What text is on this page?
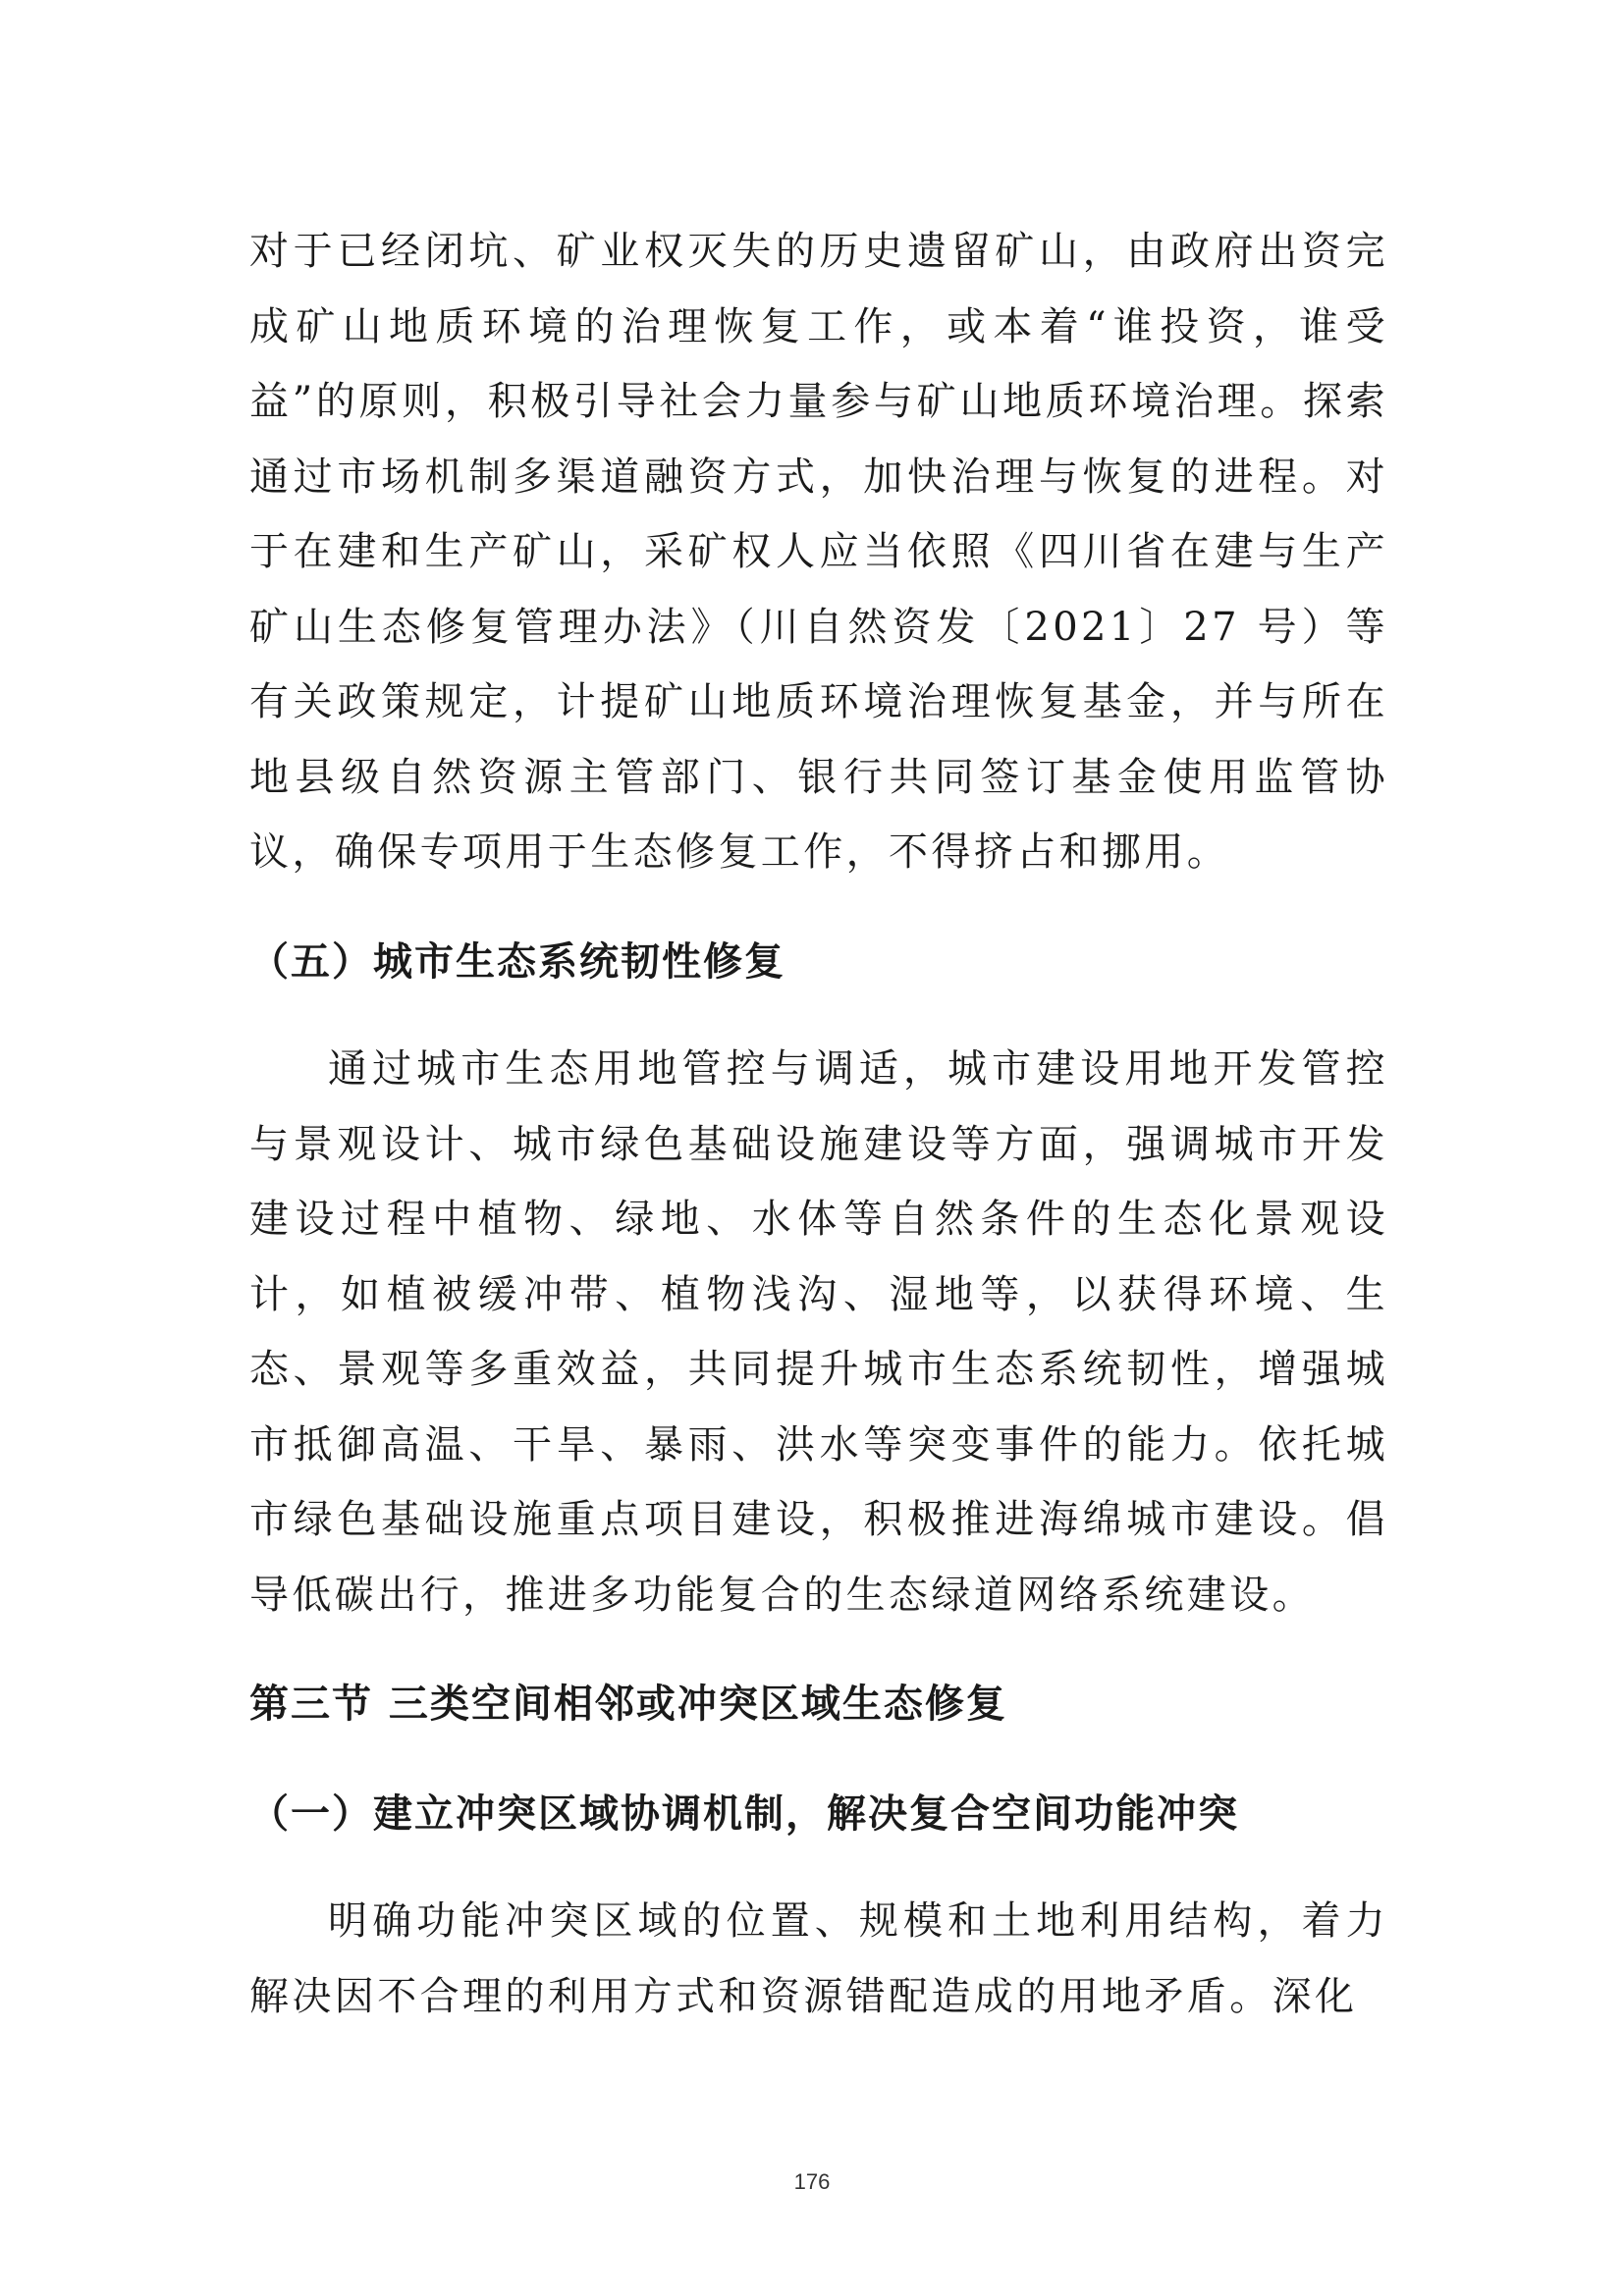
对于已经闭坑、矿业权灭失的历史遗留矿山，由政府出资完成矿山地质环境的治理恢复工作，或本着“谁投资，谁受益”的原则，积极引导社会力量参与矿山地质环境治理。探索通过市场机制多渠道融资方式，加快治理与恢复的进程。对于在建和生产矿山，采矿权人应当依照《四川省在建与生产矿山生态修复管理办法》（川自然资发〔2021〕27 号）等有关政策规定，计提矿山地质环境治理恢复基金，并与所在地县级自然资源主管部门、银行共同签订基金使用监管协议，确保专项用于生态修复工作，不得挤占和挪用。

（五）城市生态系统韧性修复

通过城市生态用地管控与调适，城市建设用地开发管控与景观设计、城市绿色基础设施建设等方面，强调城市开发建设过程中植物、绿地、水体等自然条件的生态化景观设计，如植被缓冲带、植物浅沟、湿地等，以获得环境、生态、景观等多重效益，共同提升城市生态系统韧性，增强城市抵御高温、干旱、暴雨、洪水等突变事件的能力。依托城市绿色基础设施重点项目建设，积极推进海绵城市建设。倡导低碳出行，推进多功能复合的生态绿道网络系统建设。

第三节 三类空间相邻或冲突区域生态修复

（一）建立冲突区域协调机制，解决复合空间功能冲突

明确功能冲突区域的位置、规模和土地利用结构，着力解决因不合理的利用方式和资源错配造成的用地矛盾。深化

176
